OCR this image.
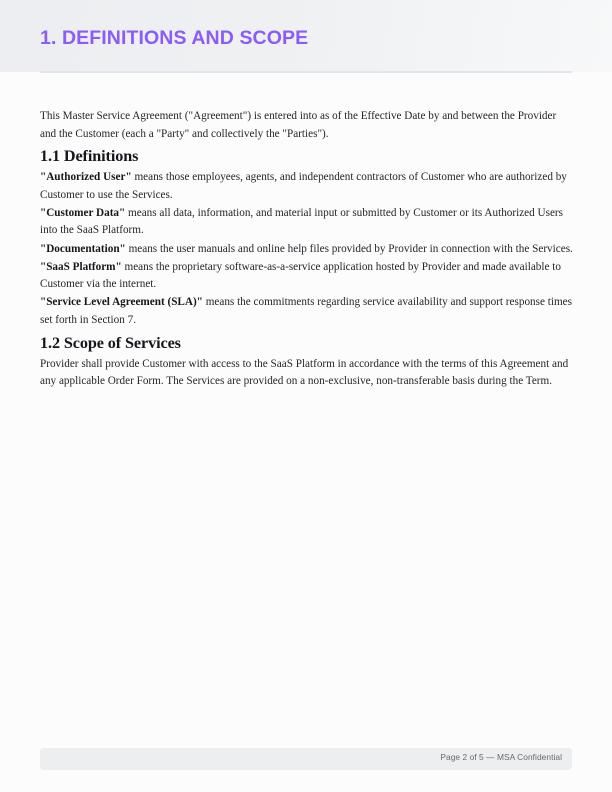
1. DEFINITIONS AND SCOPE

This Master Service Agreement ("Agreement") is entered into as of the Effective Date by and between the Provider and the Customer (each a "Party" and collectively the "Parties").

1.1 Definitions

"Authorized User" means those employees, agents, and independent contractors of Customer who are authorized by Customer to use the Services.

"Customer Data" means all data, information, and material input or submitted by Customer or its Authorized Users into the SaaS Platform.

"Documentation" means the user manuals and online help files provided by Provider in connection with the Services.

"SaaS Platform" means the proprietary software-as-a-service application hosted by Provider and made available to Customer via the internet.

"Service Level Agreement (SLA)" means the commitments regarding service availability and support response times set forth in Section 7.

1.2 Scope of Services

Provider shall provide Customer with access to the SaaS Platform in accordance with the terms of this Agreement and any applicable Order Form. The Services are provided on a non-exclusive, non-transferable basis during the Term.

Page 2 of 5 — MSA Confidential
